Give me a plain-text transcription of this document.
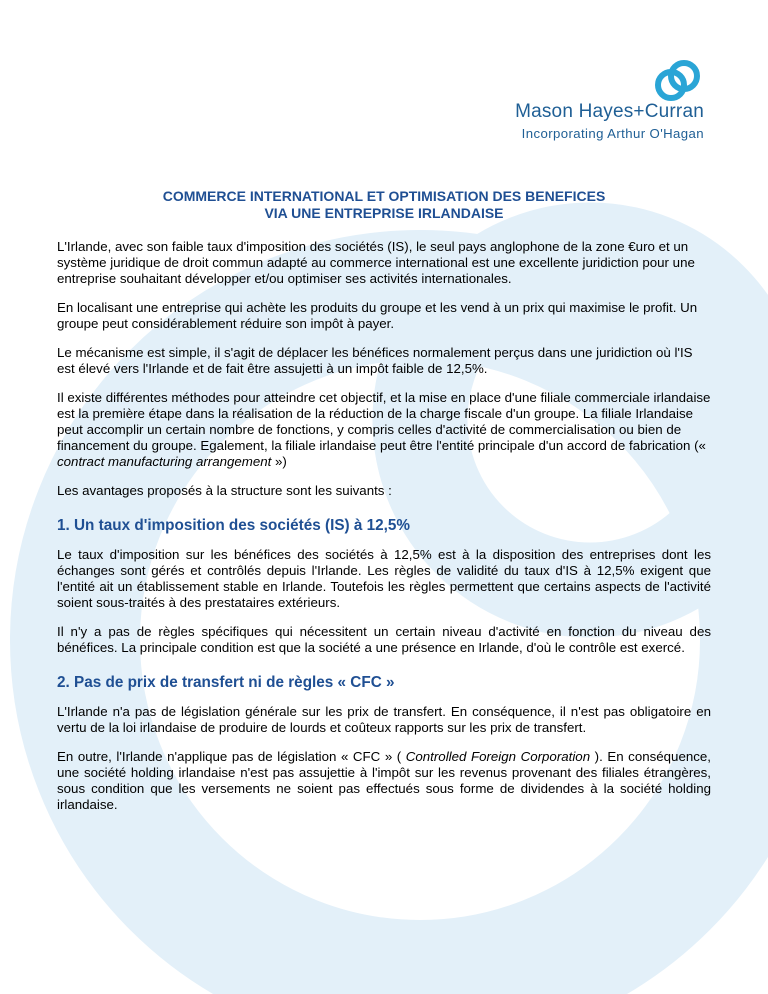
Mason Hayes+Curran
Incorporating Arthur O'Hagan
COMMERCE INTERNATIONAL ET OPTIMISATION DES BENEFICES
VIA UNE ENTREPRISE IRLANDAISE

L'Irlande, avec son faible taux d'imposition des sociétés (IS), le seul pays anglophone de la zone €uro et un système juridique de droit commun adapté au commerce international est une excellente juridiction pour une entreprise souhaitant développer et/ou optimiser ses activités internationales.

En localisant une entreprise qui achète les produits du groupe et les vend à un prix qui maximise le profit. Un groupe peut considérablement réduire son impôt à payer.

Le mécanisme est simple, il s'agit de déplacer les bénéfices normalement perçus dans une juridiction où l'IS est élevé vers l'Irlande et de fait être assujetti à un impôt faible de 12,5%.

Il existe différentes méthodes pour atteindre cet objectif, et la mise en place d'une filiale commerciale irlandaise est la première étape dans la réalisation de la réduction de la charge fiscale d'un groupe. La filiale Irlandaise peut accomplir un certain nombre de fonctions, y compris celles d'activité de commercialisation ou bien de financement du groupe. Egalement, la filiale irlandaise peut être l'entité principale d'un accord de fabrication (« contract manufacturing arrangement »)

Les avantages proposés à la structure sont les suivants :

1. Un taux d'imposition des sociétés (IS) à 12,5%

Le taux d'imposition sur les bénéfices des sociétés à 12,5% est à la disposition des entreprises dont les échanges sont gérés et contrôlés depuis l'Irlande. Les règles de validité du taux d'IS à 12,5% exigent que l'entité ait un établissement stable en Irlande. Toutefois les règles permettent que certains aspects de l'activité soient sous-traités à des prestataires extérieurs.

Il n'y a pas de règles spécifiques qui nécessitent un certain niveau d'activité en fonction du niveau des bénéfices. La principale condition est que la société a une présence en Irlande, d'où le contrôle est exercé.

2. Pas de prix de transfert ni de règles « CFC »

L'Irlande n'a pas de législation générale sur les prix de transfert. En conséquence, il n'est pas obligatoire en vertu de la loi irlandaise de produire de lourds et coûteux rapports sur les prix de transfert.

En outre, l'Irlande n'applique pas de législation « CFC » ( Controlled Foreign Corporation ). En conséquence, une société holding irlandaise n'est pas assujettie à l'impôt sur les revenus provenant des filiales étrangères, sous condition que les versements ne soient pas effectués sous forme de dividendes à la société holding irlandaise.
